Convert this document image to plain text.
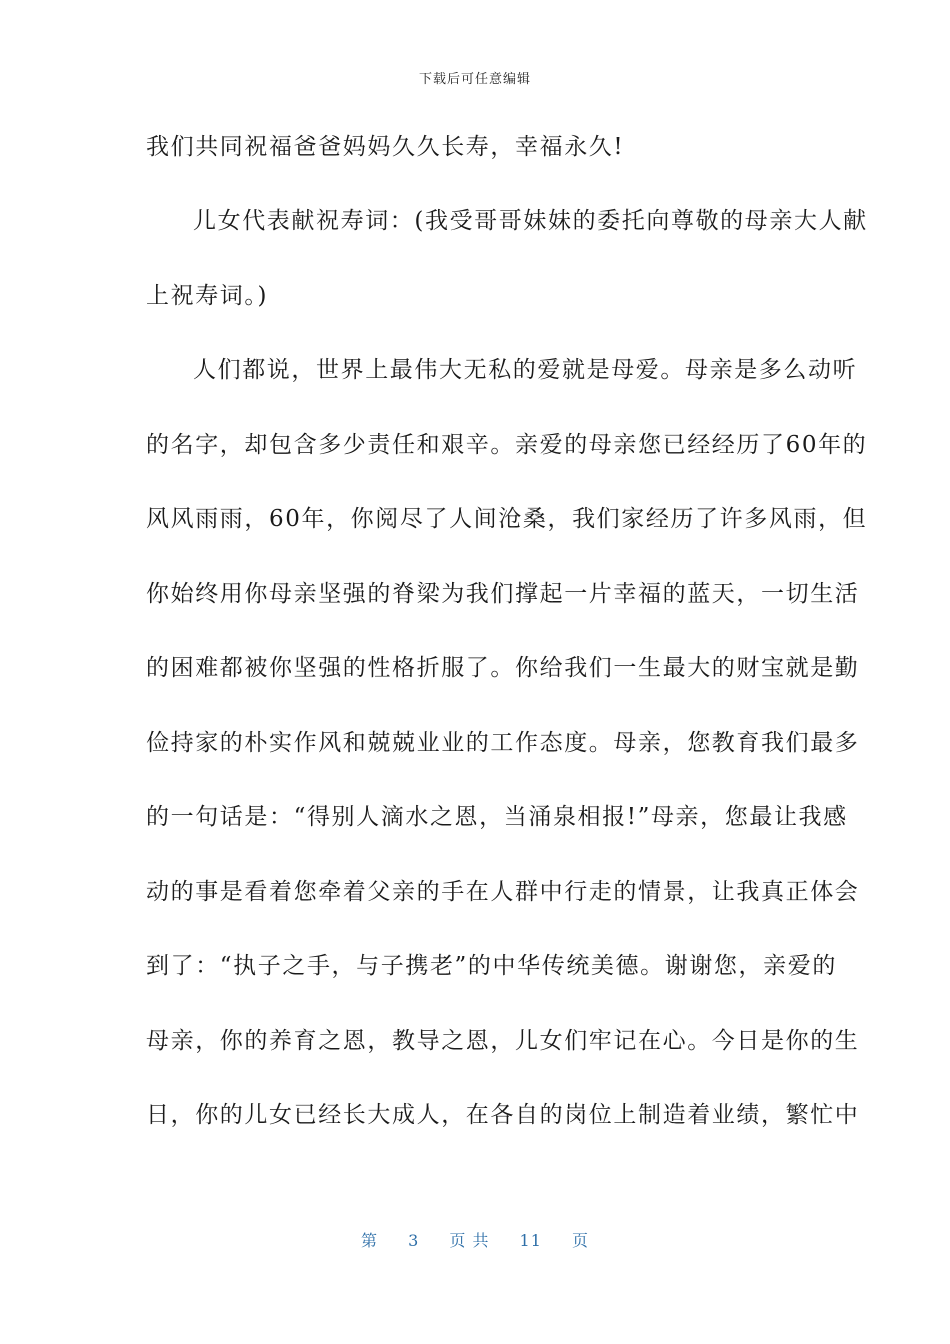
下载后可任意编辑
我们共同祝福爸爸妈妈久久长寿，幸福永久!
儿女代表献祝寿词：(我受哥哥妹妹的委托向尊敬的母亲大人献
上祝寿词。)
人们都说，世界上最伟大无私的爱就是母爱。母亲是多么动听
的名字，却包含多少责任和艰辛。亲爱的母亲您已经经历了60年的
风风雨雨，60年，你阅尽了人间沧桑，我们家经历了许多风雨，但
你始终用你母亲坚强的脊梁为我们撑起一片幸福的蓝天，一切生活
的困难都被你坚强的性格折服了。你给我们一生最大的财宝就是勤
俭持家的朴实作风和兢兢业业的工作态度。母亲，您教育我们最多
的一句话是：“得别人滴水之恩，当涌泉相报!”母亲，您最让我感
动的事是看着您牵着父亲的手在人群中行走的情景，让我真正体会
到了：“执子之手，与子携老”的中华传统美德。谢谢您，亲爱的
母亲，你的养育之恩，教导之恩，儿女们牢记在心。今日是你的生
日，你的儿女已经长大成人，在各自的岗位上制造着业绩，繁忙中
第 3 页 共 11 页
